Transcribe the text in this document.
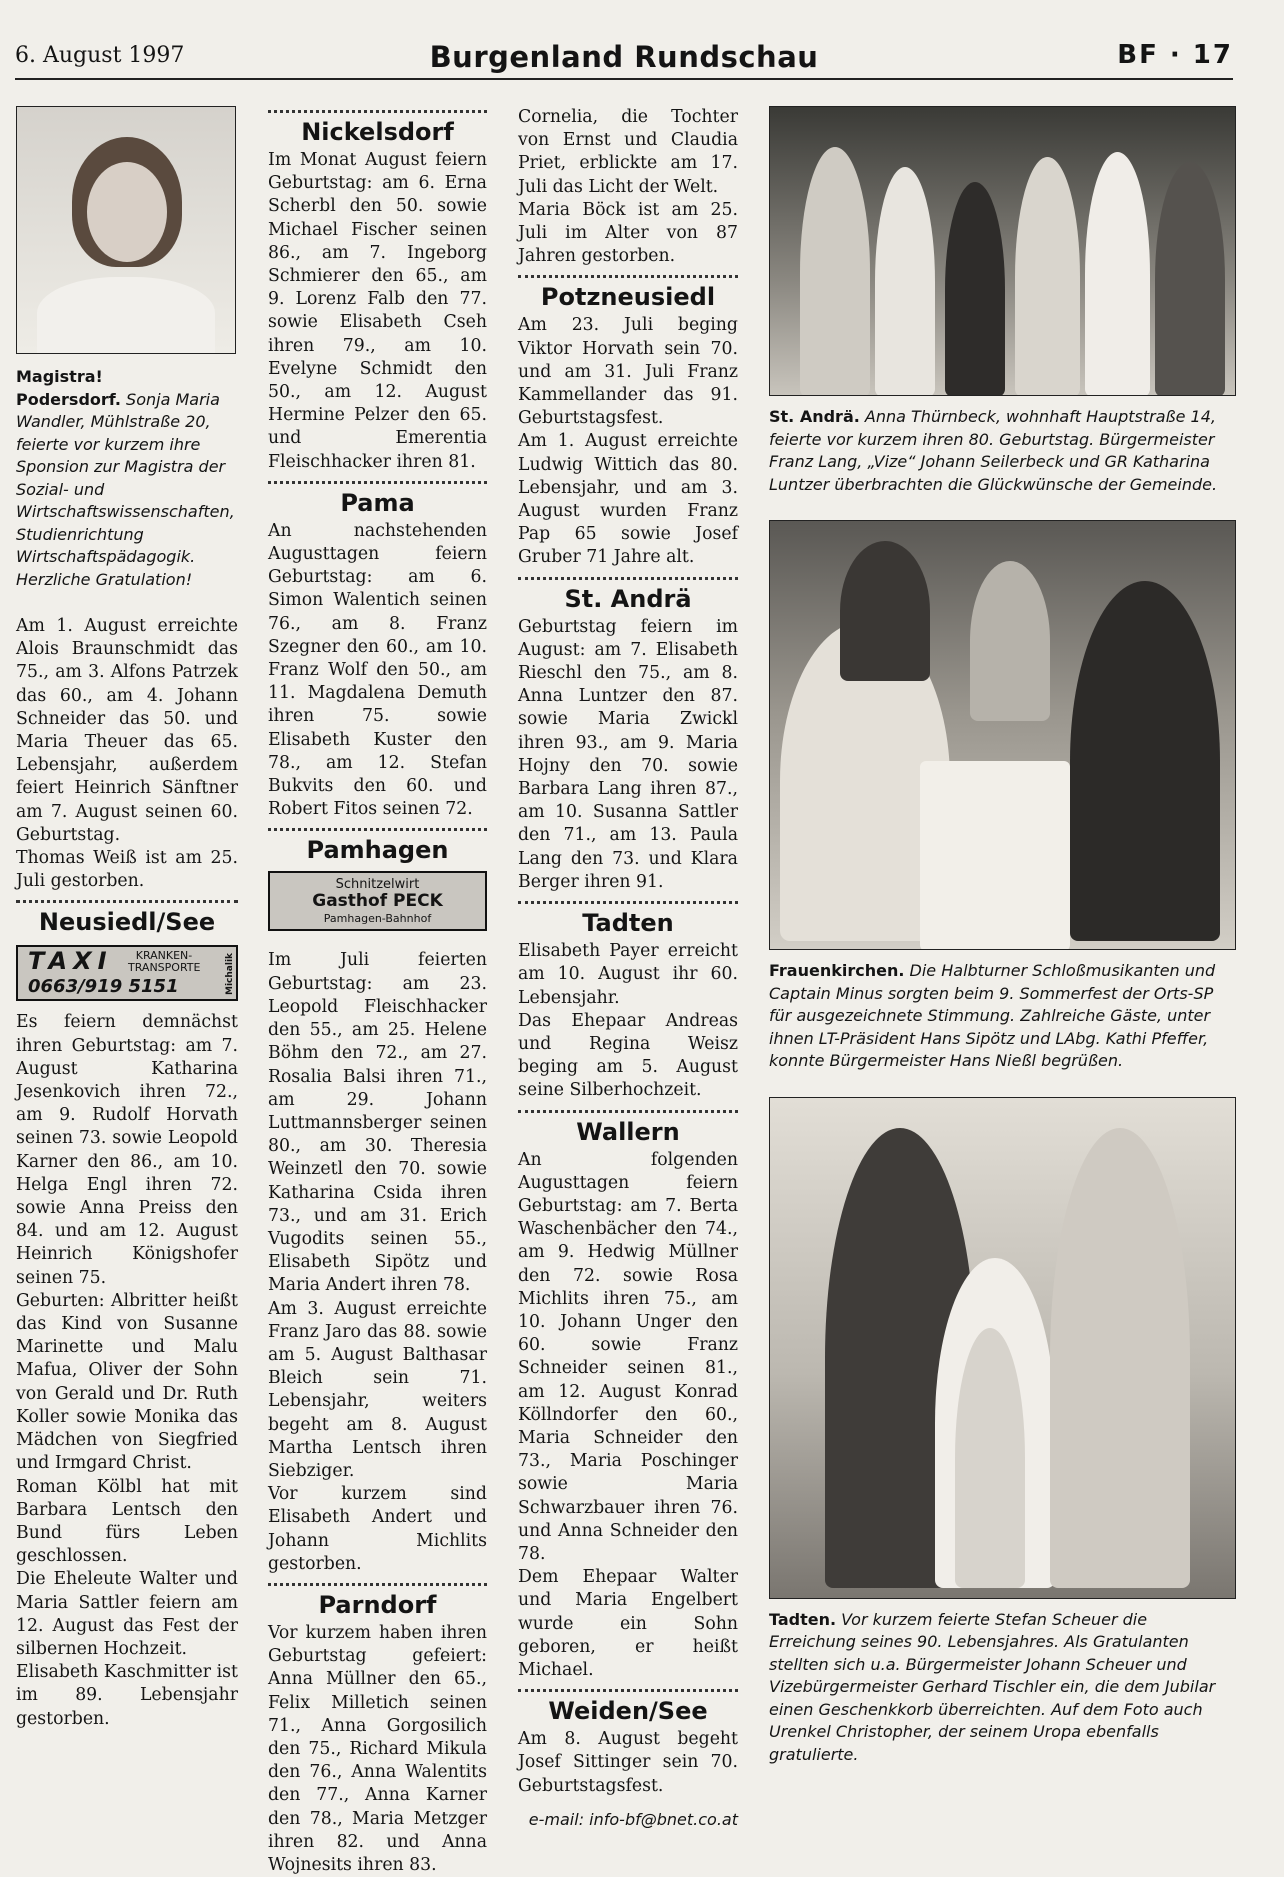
6. August 1997	Burgenland Rundschau	BF · 17
Magistra!
Podersdorf. Sonja Maria Wandler, Mühlstraße 20, feierte vor kurzem ihre Sponsion zur Magistra der Sozial- und Wirtschaftswissenschaften, Studienrichtung Wirtschaftspädagogik. Herzliche Gratulation!

Am 1. August erreichte Alois Braunschmidt das 75., am 3. Alfons Patrzek das 60., am 4. Johann Schneider das 50. und Maria Theuer das 65. Lebensjahr, außerdem feiert Heinrich Sänftner am 7. August seinen 60. Geburtstag.

Thomas Weiß ist am 25. Juli gestorben.

Neusiedl/See
TAXI	KRANKEN-TRANSPORTE
0663/919 5151	Michalik

Es feiern demnächst ihren Geburtstag: am 7. August Katharina Jesenkovich ihren 72., am 9. Rudolf Horvath seinen 73. sowie Leopold Karner den 86., am 10. Helga Engl ihren 72. sowie Anna Preiss den 84. und am 12. August Heinrich Königshofer seinen 75.

Geburten: Albritter heißt das Kind von Susanne Marinette und Malu Mafua, Oliver der Sohn von Gerald und Dr. Ruth Koller sowie Monika das Mädchen von Siegfried und Irmgard Christ.

Roman Kölbl hat mit Barbara Lentsch den Bund fürs Leben geschlossen.

Die Eheleute Walter und Maria Sattler feiern am 12. August das Fest der silbernen Hochzeit.

Elisabeth Kaschmitter ist im 89. Lebensjahr gestorben.

Nickelsdorf

Im Monat August feiern Geburtstag: am 6. Erna Scherbl den 50. sowie Michael Fischer seinen 86., am 7. Ingeborg Schmierer den 65., am 9. Lorenz Falb den 77. sowie Elisabeth Cseh ihren 79., am 10. Evelyne Schmidt den 50., am 12. August Hermine Pelzer den 65. und Emerentia Fleischhacker ihren 81.

Pama

An nachstehenden Augusttagen feiern Geburtstag: am 6. Simon Walentich seinen 76., am 8. Franz Szegner den 60., am 10. Franz Wolf den 50., am 11. Magdalena Demuth ihren 75. sowie Elisabeth Kuster den 78., am 12. Stefan Bukvits den 60. und Robert Fitos seinen 72.

Pamhagen
Schnitzelwirt
Gasthof PECK
Pamhagen-Bahnhof

Im Juli feierten Geburtstag: am 23. Leopold Fleischhacker den 55., am 25. Helene Böhm den 72., am 27. Rosalia Balsi ihren 71., am 29. Johann Luttmannsberger seinen 80., am 30. Theresia Weinzetl den 70. sowie Katharina Csida ihren 73., und am 31. Erich Vugodits seinen 55., Elisabeth Sipötz und Maria Andert ihren 78.

Am 3. August erreichte Franz Jaro das 88. sowie am 5. August Balthasar Bleich sein 71. Lebensjahr, weiters begeht am 8. August Martha Lentsch ihren Siebziger.

Vor kurzem sind Elisabeth Andert und Johann Michlits gestorben.

Parndorf

Vor kurzem haben ihren Geburtstag gefeiert: Anna Müllner den 65., Felix Milletich seinen 71., Anna Gorgosilich den 75., Richard Mikula den 76., Anna Walentits den 77., Anna Karner den 78., Maria Metzger ihren 82. und Anna Wojnesits ihren 83.

Cornelia, die Tochter von Ernst und Claudia Priet, erblickte am 17. Juli das Licht der Welt.

Maria Böck ist am 25. Juli im Alter von 87 Jahren gestorben.

Potzneusiedl

Am 23. Juli beging Viktor Horvath sein 70. und am 31. Juli Franz Kammellander das 91. Geburtstagsfest.

Am 1. August erreichte Ludwig Wittich das 80. Lebensjahr, und am 3. August wurden Franz Pap 65 sowie Josef Gruber 71 Jahre alt.

St. Andrä

Geburtstag feiern im August: am 7. Elisabeth Rieschl den 75., am 8. Anna Luntzer den 87. sowie Maria Zwickl ihren 93., am 9. Maria Hojny den 70. sowie Barbara Lang ihren 87., am 10. Susanna Sattler den 71., am 13. Paula Lang den 73. und Klara Berger ihren 91.

Tadten

Elisabeth Payer erreicht am 10. August ihr 60. Lebensjahr.

Das Ehepaar Andreas und Regina Weisz beging am 5. August seine Silberhochzeit.

Wallern

An folgenden Augusttagen feiern Geburtstag: am 7. Berta Waschenbächer den 74., am 9. Hedwig Müllner den 72. sowie Rosa Michlits ihren 75., am 10. Johann Unger den 60. sowie Franz Schneider seinen 81., am 12. August Konrad Köllndorfer den 60., Maria Schneider den 73., Maria Poschinger sowie Maria Schwarzbauer ihren 76. und Anna Schneider den 78.

Dem Ehepaar Walter und Maria Engelbert wurde ein Sohn geboren, er heißt Michael.

Weiden/See

Am 8. August begeht Josef Sittinger sein 70. Geburtstagsfest.

e-mail: info-bf@bnet.co.at
St. Andrä. Anna Thürnbeck, wohnhaft Hauptstraße 14, feierte vor kurzem ihren 80. Geburtstag. Bürgermeister Franz Lang, „Vize“ Johann Seilerbeck und GR Katharina Luntzer überbrachten die Glückwünsche der Gemeinde.
Frauenkirchen. Die Halbturner Schloßmusikanten und Captain Minus sorgten beim 9. Sommerfest der Orts-SP für ausgezeichnete Stimmung. Zahlreiche Gäste, unter ihnen LT-Präsident Hans Sipötz und LAbg. Kathi Pfeffer, konnte Bürgermeister Hans Nießl begrüßen.
Tadten. Vor kurzem feierte Stefan Scheuer die Erreichung seines 90. Lebensjahres. Als Gratulanten stellten sich u.a. Bürgermeister Johann Scheuer und Vizebürgermeister Gerhard Tischler ein, die dem Jubilar einen Geschenkkorb überreichten. Auf dem Foto auch Urenkel Christopher, der seinem Uropa ebenfalls gratulierte.
